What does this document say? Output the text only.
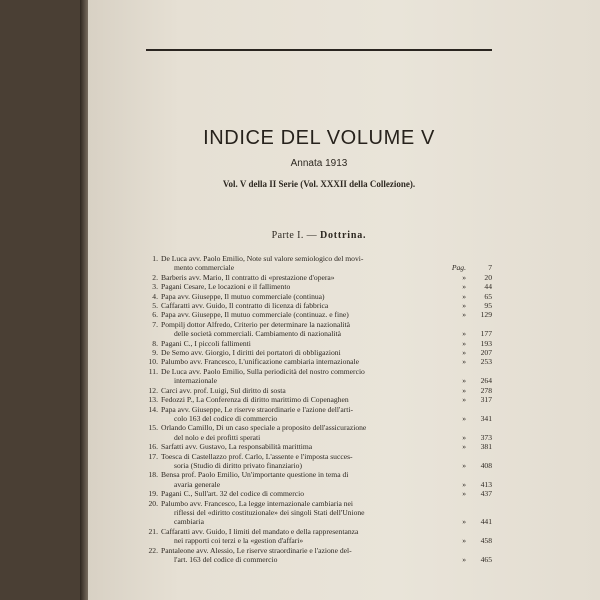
INDICE DEL VOLUME V
Annata 1913
Vol. V della II Serie (Vol. XXXII della Collezione).
Parte I. — Dottrina.
1. De Luca avv. Paolo Emilio, Note sul valore semiologico del movi-
mento commerciale	Pag.	7
2. Barberis avv. Mario, Il contratto di «prestazione d'opera»	»	20
3. Pagani Cesare, Le locazioni e il fallimento	»	44
4. Papa avv. Giuseppe, Il mutuo commerciale (continua)	»	65
5. Caffaratti avv. Guido, Il contratto di licenza di fabbrica	»	95
6. Papa avv. Giuseppe, Il mutuo commerciale (continuaz. e fine)	»	129
7. Pompilj dottor Alfredo, Criterio per determinare la nazionalità
delle società commerciali. Cambiamento di nazionalità	»	177
8. Pagani C., I piccoli fallimenti	»	193
9. De Semo avv. Giorgio, I diritti dei portatori di obbligazioni	»	207
10. Palumbo avv. Francesco, L'unificazione cambiaria internazionale	»	253
11. De Luca avv. Paolo Emilio, Sulla periodicità del nostro commercio
internazionale	»	264
12. Carci avv. prof. Luigi, Sul diritto di sosta	»	278
13. Fedozzi P., La Conferenza di diritto marittimo di Copenaghen	»	317
14. Papa avv. Giuseppe, Le riserve straordinarie e l'azione dell'arti-
colo 163 del codice di commercio	»	341
15. Orlando Camillo, Di un caso speciale a proposito dell'assicurazione
del nolo e dei profitti sperati	»	373
16. Sarfatti avv. Gustavo, La responsabilità marittima	»	381
17. Toesca di Castellazzo prof. Carlo, L'assente e l'imposta succes-
soria (Studio di diritto privato finanziario)	»	408
18. Bensa prof. Paolo Emilio, Un'importante questione in tema di
avaria generale	»	413
19. Pagani C., Sull'art. 32 del codice di commercio	»	437
20. Palumbo avv. Francesco, La legge internazionale cambiaria nei
riflessi del «diritto costituzionale» dei singoli Stati dell'Unione
cambiaria	»	441
21. Caffaratti avv. Guido, I limiti del mandato e della rappresentanza
nei rapporti coi terzi e la «gestion d'affari»	»	458
22. Pantaleone avv. Alessio, Le riserve straordinarie e l'azione del-
l'art. 163 del codice di commercio	»	465
